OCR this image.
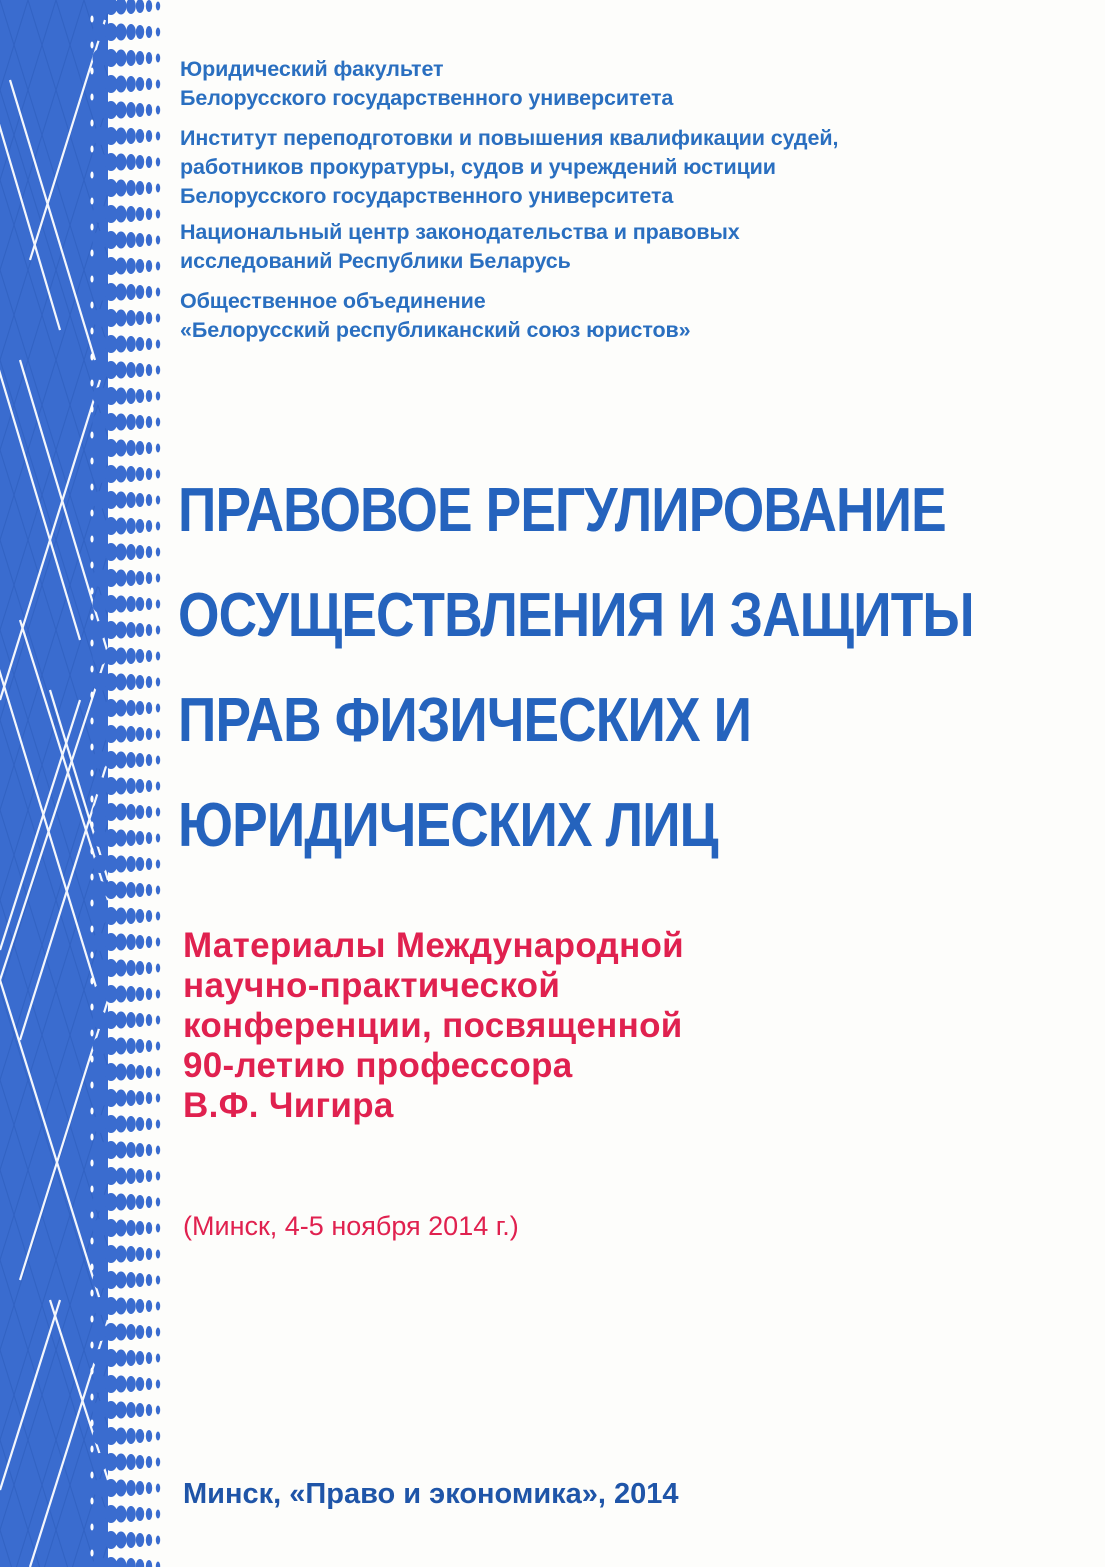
Юридический факультет
Белорусского государственного университета
Институт переподготовки и повышения квалификации судей,
работников прокуратуры, судов и учреждений юстиции
Белорусского государственного университета
Национальный центр законодательства и правовых
исследований Республики Беларусь
Общественное объединение
«Белорусский республиканский союз юристов»
ПРАВОВОЕ РЕГУЛИРОВАНИЕ
ОСУЩЕСТВЛЕНИЯ И ЗАЩИТЫ
ПРАВ ФИЗИЧЕСКИХ И
ЮРИДИЧЕСКИХ ЛИЦ
Материалы Международной
научно-практической
конференции, посвященной
90-летию профессора
В.Ф. Чигира
(Минск, 4-5 ноября 2014 г.)
Минск, «Право и экономика», 2014
